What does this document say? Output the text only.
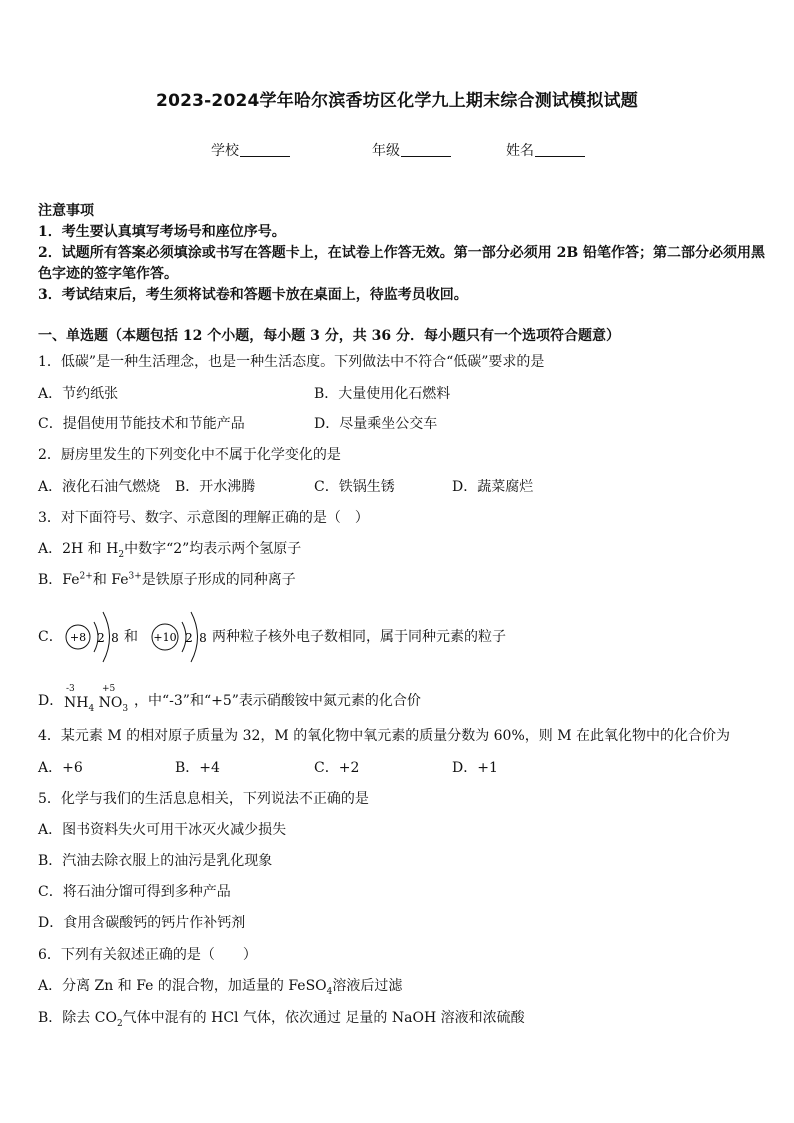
2023-2024学年哈尔滨香坊区化学九上期末综合测试模拟试题
学校	年级	姓名
注意事项
1．考生要认真填写考场号和座位序号。
2．试题所有答案必须填涂或书写在答题卡上，在试卷上作答无效。第一部分必须用 2B 铅笔作答；第二部分必须用黑
色字迹的签字笔作答。
3．考试结束后，考生须将试卷和答题卡放在桌面上，待监考员收回。
一、单选题（本题包括 12 个小题，每小题 3 分，共 36 分．每小题只有一个选项符合题意）
1．低碳”是一种生活理念，也是一种生活态度。下列做法中不符合“低碳”要求的是
A．节约纸张	B．大量使用化石燃料
C．提倡使用节能技术和节能产品	D．尽量乘坐公交车
2．厨房里发生的下列变化中不属于化学变化的是
A．液化石油气燃烧 B．开水沸腾	C．铁锅生锈	D．蔬菜腐烂
3．对下面符号、数字、示意图的理解正确的是（　）
A．2H 和 $H_2$中数字“2”均表示两个氢原子
B．$Fe^{2+}$和 $Fe^{3+}$是铁原子形成的同种离子
C． +8 2 8 和 +10 2 8 两种粒子核外电子数相同，属于同种元素的粒子
D．
-3	+5
$NH_4$ $NO_3$ ，中“-3”和“+5”表示硝酸铵中氮元素的化合价
4．某元素 M 的相对原子质量为 32，M 的氧化物中氧元素的质量分数为 60%，则 M 在此氧化物中的化合价为
A．+6	B．+4	C．+2	D．+1
5．化学与我们的生活息息相关，下列说法不正确的是
A．图书资料失火可用干冰灭火减少损失
B．汽油去除衣服上的油污是乳化现象
C．将石油分馏可得到多种产品
D．食用含碳酸钙的钙片作补钙剂
6．下列有关叙述正确的是（　　）
A．分离 Zn 和 Fe 的混合物，加适量的 FeSO$_4$溶液后过滤
B．除去 $CO_2$气体中混有的 HCl 气体，依次通过 足量的 NaOH 溶液和浓硫酸
